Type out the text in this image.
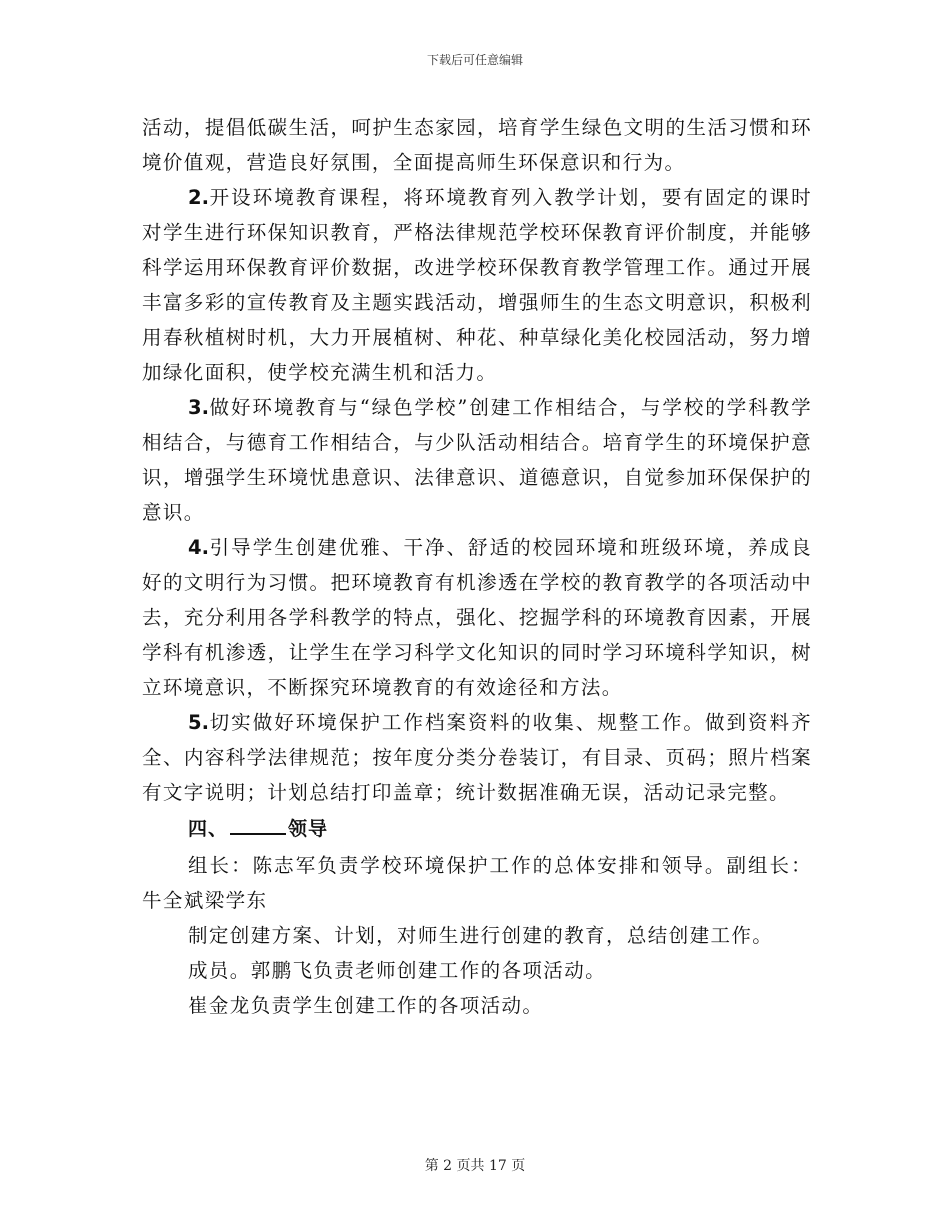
下载后可任意编辑

活动，提倡低碳生活，呵护生态家园，培育学生绿色文明的生活习惯和环境价值观，营造良好氛围，全面提高师生环保意识和行为。

2.开设环境教育课程，将环境教育列入教学计划，要有固定的课时对学生进行环保知识教育，严格法律规范学校环保教育评价制度，并能够科学运用环保教育评价数据，改进学校环保教育教学管理工作。通过开展丰富多彩的宣传教育及主题实践活动，增强师生的生态文明意识，积极利用春秋植树时机，大力开展植树、种花、种草绿化美化校园活动，努力增加绿化面积，使学校充满生机和活力。

3.做好环境教育与“绿色学校”创建工作相结合，与学校的学科教学相结合，与德育工作相结合，与少队活动相结合。培育学生的环境保护意识，增强学生环境忧患意识、法律意识、道德意识，自觉参加环保保护的意识。

4.引导学生创建优雅、干净、舒适的校园环境和班级环境，养成良好的文明行为习惯。把环境教育有机渗透在学校的教育教学的各项活动中去，充分利用各学科教学的特点，强化、挖掘学科的环境教育因素，开展学科有机渗透，让学生在学习科学文化知识的同时学习环境科学知识，树立环境意识，不断探究环境教育的有效途径和方法。

5.切实做好环境保护工作档案资料的收集、规整工作。做到资料齐全、内容科学法律规范；按年度分类分卷装订，有目录、页码；照片档案有文字说明；计划总结打印盖章；统计数据准确无误，活动记录完整。

四、	领导

组长：陈志军负责学校环境保护工作的总体安排和领导。副组长：牛全斌梁学东

制定创建方案、计划，对师生进行创建的教育，总结创建工作。

成员。郭鹏飞负责老师创建工作的各项活动。

崔金龙负责学生创建工作的各项活动。

第 2 页共 17 页
